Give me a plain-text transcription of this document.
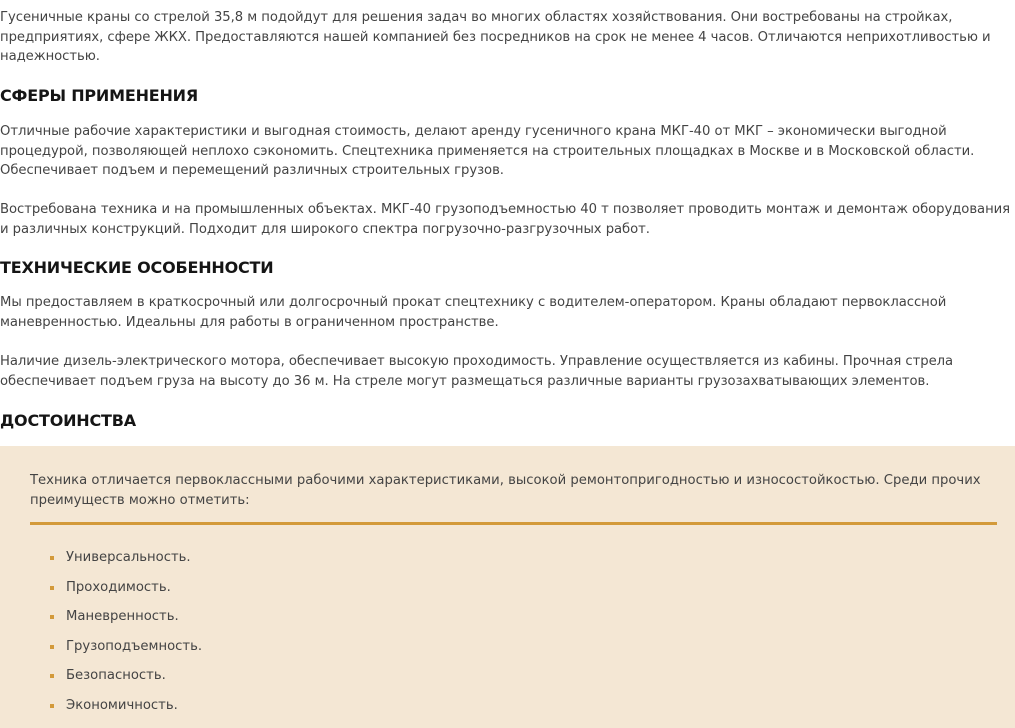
Гусеничные краны со стрелой 35,8 м подойдут для решения задач во многих областях хозяйствования. Они востребованы на стройках, предприятиях, сфере ЖКХ. Предоставляются нашей компанией без посредников на срок не менее 4 часов. Отличаются неприхотливостью и надежностью.

СФЕРЫ ПРИМЕНЕНИЯ

Отличные рабочие характеристики и выгодная стоимость, делают аренду гусеничного крана МКГ-40 от МКГ – экономически выгодной процедурой, позволяющей неплохо сэкономить. Спецтехника применяется на строительных площадках в Москве и в Московской области. Обеспечивает подъем и перемещений различных строительных грузов.

Востребована техника и на промышленных объектах. МКГ-40 грузоподъемностью 40 т позволяет проводить монтаж и демонтаж оборудования и различных конструкций. Подходит для широкого спектра погрузочно-разгрузочных работ.

ТЕХНИЧЕСКИЕ ОСОБЕННОСТИ

Мы предоставляем в краткосрочный или долгосрочный прокат спецтехнику с водителем-оператором. Краны обладают первоклассной маневренностью. Идеальны для работы в ограниченном пространстве.

Наличие дизель-электрического мотора, обеспечивает высокую проходимость. Управление осуществляется из кабины. Прочная стрела обеспечивает подъем груза на высоту до 36 м. На стреле могут размещаться различные варианты грузозахватывающих элементов.

ДОСТОИНСТВА

Техника отличается первоклассными рабочими характеристиками, высокой ремонтопригодностью и износостойкостью. Среди прочих преимуществ можно отметить:

Универсальность.
Проходимость.
Маневренность.
Грузоподъемность.
Безопасность.
Экономичность.
